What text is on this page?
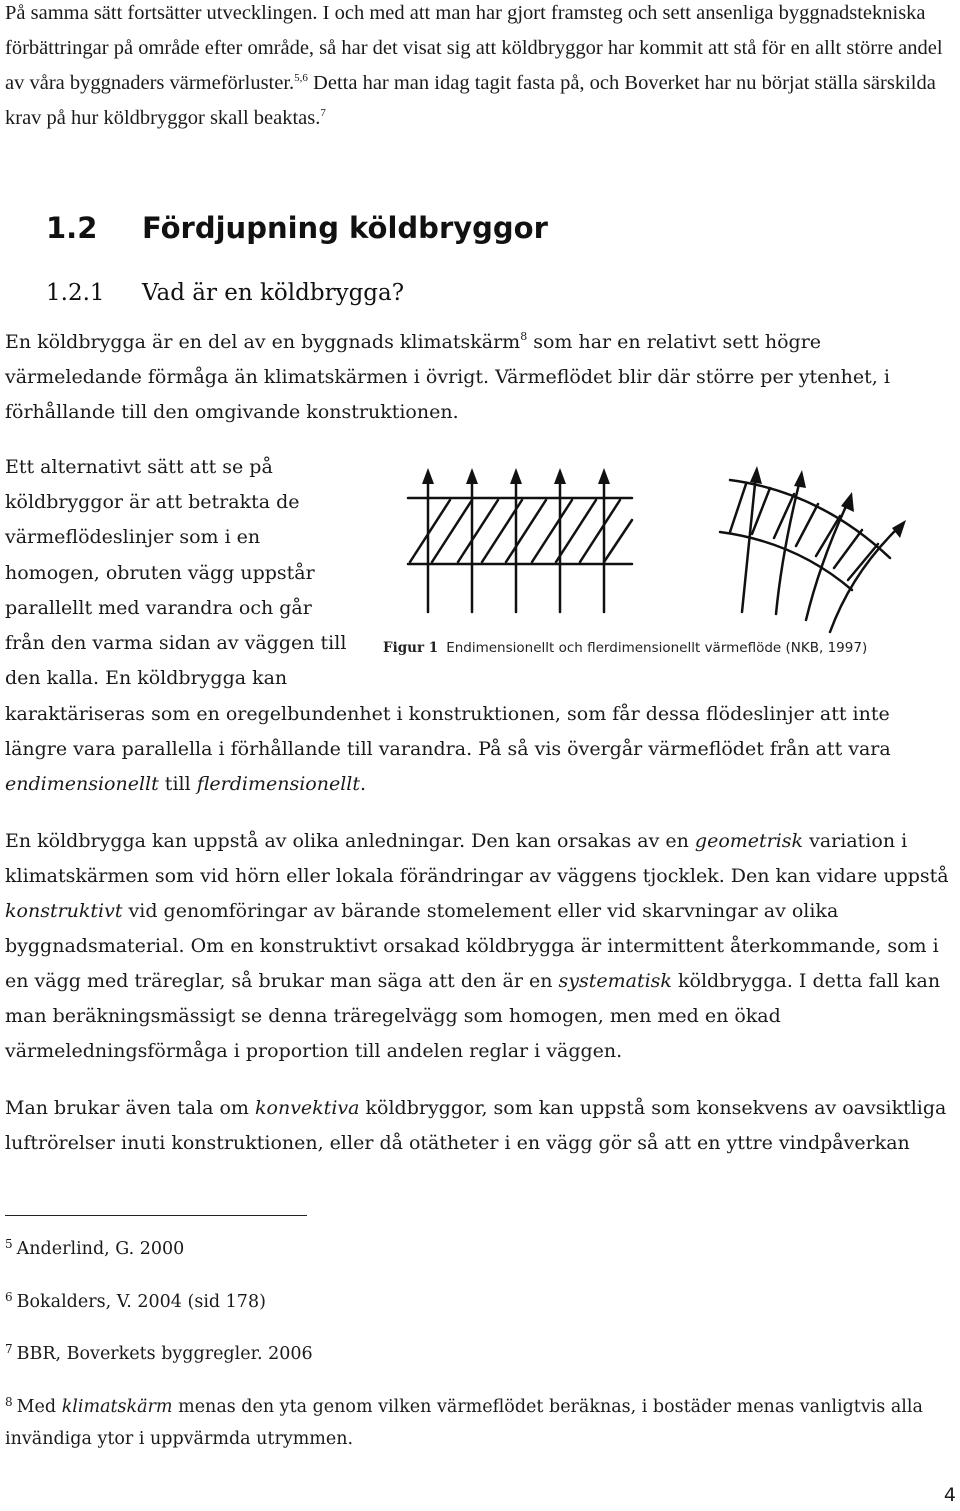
På samma sätt fortsätter utvecklingen. I och med att man har gjort framsteg och sett ansenliga byggnadstekniska förbättringar på område efter område, så har det visat sig att köldbryggor har kommit att stå för en allt större andel av våra byggnaders värmeförluster.$^{5,6}$ Detta har man idag tagit fasta på, och Boverket har nu börjat ställa särskilda krav på hur köldbryggor skall beaktas.$^7$

1.2 Fördjupning köldbryggor
1.2.1 Vad är en köldbrygga?

En köldbrygga är en del av en byggnads klimatskärm$^8$ som har en relativt sett högre värmeledande förmåga än klimatskärmen i övrigt. Värmeflödet blir där större per ytenhet, i förhållande till den omgivande konstruktionen.

Ett alternativt sätt att se på
köldbryggor är att betrakta de
värmeflödeslinjer som i en
homogen, obruten vägg uppstår
parallellt med varandra och går
från den varma sidan av väggen till
den kalla. En köldbrygga kan
Figur 1 Endimensionellt och flerdimensionellt värmeflöde (NKB, 1997)

karaktäriseras som en oregelbundenhet i konstruktionen, som får dessa flödeslinjer att inte längre vara parallella i förhållande till varandra. På så vis övergår värmeflödet från att vara endimensionellt till flerdimensionellt.

En köldbrygga kan uppstå av olika anledningar. Den kan orsakas av en geometrisk variation i klimatskärmen som vid hörn eller lokala förändringar av väggens tjocklek. Den kan vidare uppstå konstruktivt vid genomföringar av bärande stomelement eller vid skarvningar av olika byggnadsmaterial. Om en konstruktivt orsakad köldbrygga är intermittent återkommande, som i en vägg med träreglar, så brukar man säga att den är en systematisk köldbrygga. I detta fall kan man beräkningsmässigt se denna träregelvägg som homogen, men med en ökad värmeledningsförmåga i proportion till andelen reglar i väggen.

Man brukar även tala om konvektiva köldbryggor, som kan uppstå som konsekvens av oavsiktliga luftrörelser inuti konstruktionen, eller då otätheter i en vägg gör så att en yttre vindpåverkan

$^5$ Anderlind, G. 2000

$^6$ Bokalders, V. 2004 (sid 178)

$^7$ BBR, Boverkets byggregler. 2006

$^8$ Med klimatskärm menas den yta genom vilken värmeflödet beräknas, i bostäder menas vanligtvis alla invändiga ytor i uppvärmda utrymmen.

4
